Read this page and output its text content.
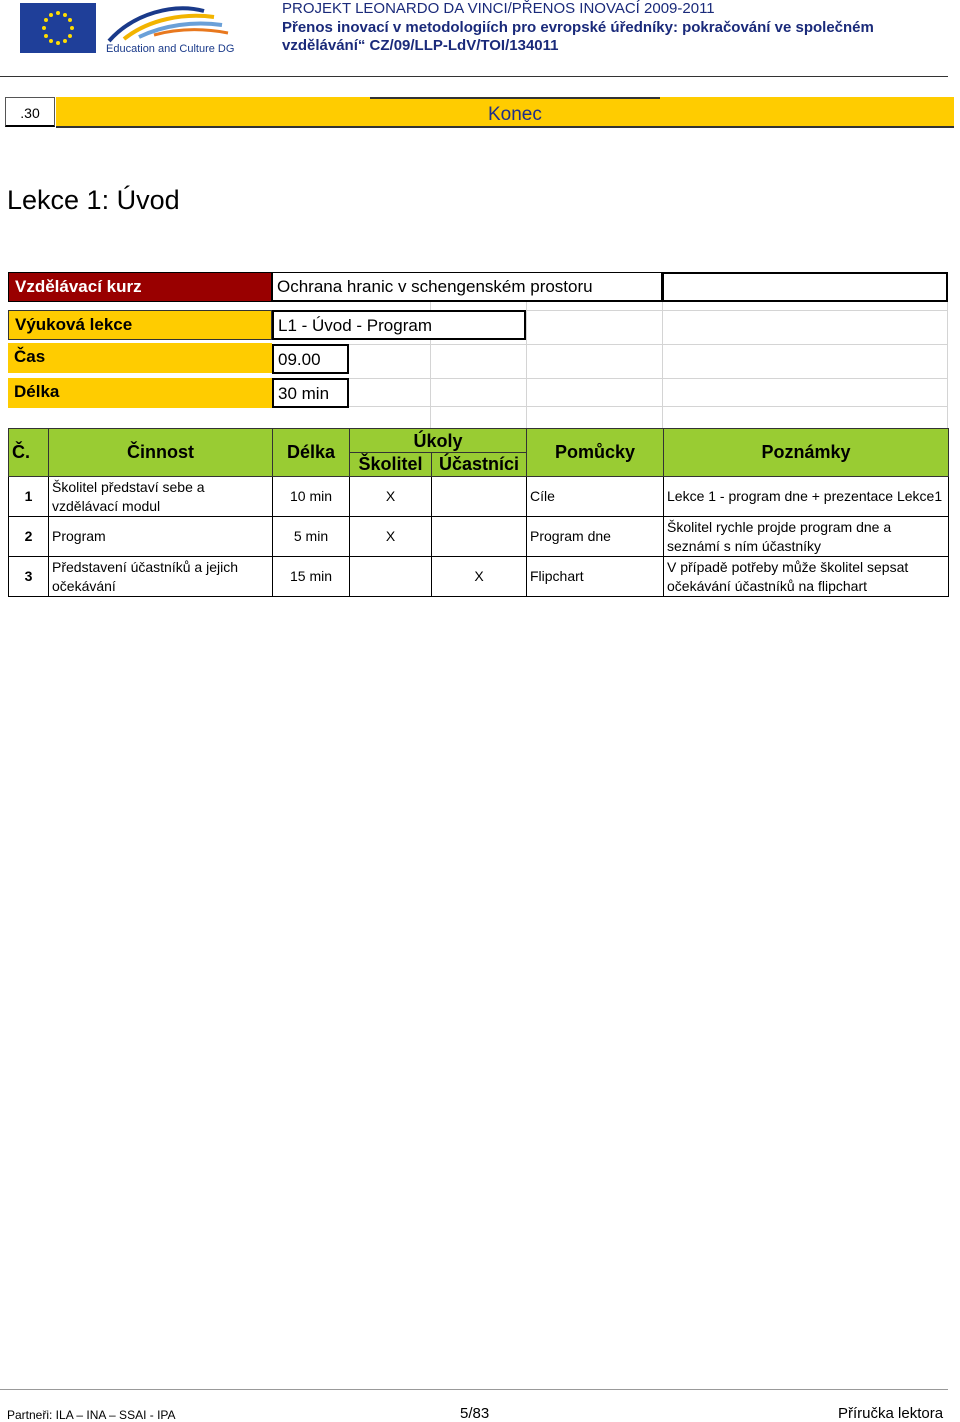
Education and Culture DG
PROJEKT LEONARDO DA VINCI/PŘENOS INOVACÍ 2009-2011
Přenos inovací v metodologiích pro evropské úředníky: pokračování ve společném
vzdělávání“ CZ/09/LLP-LdV/TOI/134011
.30	Konec
Lekce 1: Úvod
Vzdělávací kurz	Ochrana hranic v schengenském prostoru
Výuková lekce	L1 - Úvod - Program
Čas	09.00
Délka	30 min
Č.	Činnost	Délka	Úkoly		Pomůcky	Poznámky
			Školitel	Účastníci		
1	Školitel představí sebe a vzdělávací modul	10 min	X		Cíle	Lekce 1 - program dne + prezentace Lekce1
2	Program	5 min	X		Program dne	Školitel rychle projde program dne a seznámí s ním účastníky
3	Představení účastníků a jejich očekávání	15 min		X	Flipchart	V případě potřeby může školitel sepsat očekávání účastníků na flipchart
Partneři: ILA – INA – SSAI - IPA	5/83	Příručka lektora
